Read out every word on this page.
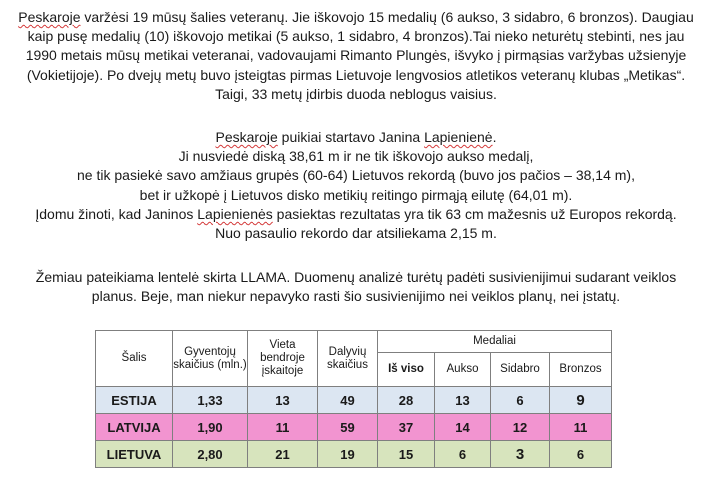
Peskaroje varžėsi 19 mūsų šalies veteranų. Jie iškovojo 15 medalių (6 aukso, 3 sidabro, 6 bronzos). Daugiau
kaip pusę medalių (10) iškovojo metikai (5 aukso, 1 sidabro, 4 bronzos).Tai nieko neturėtų stebinti, nes jau
1990 metais mūsų metikai veteranai, vadovaujami Rimanto Plungės, išvyko į pirmąsias varžybas užsienyje
(Vokietijoje). Po dvejų metų buvo įsteigtas pirmas Lietuvoje lengvosios atletikos veteranų klubas „Metikas“.
Taigi, 33 metų įdirbis duoda neblogus vaisius.
Peskaroje puikiai startavo Janina Lapienienė.
Ji nusviedė diską 38,61 m ir ne tik iškovojo aukso medalį,
ne tik pasiekė savo amžiaus grupės (60-64) Lietuvos rekordą (buvo jos pačios – 38,14 m),
bet ir užkopė į Lietuvos disko metikių reitingo pirmąją eilutę (64,01 m).
Įdomu žinoti, kad Janinos Lapienienės pasiektas rezultatas yra tik 63 cm mažesnis už Europos rekordą.
Nuo pasaulio rekordo dar atsiliekama 2,15 m.
Žemiau pateikiama lentelė skirta LLAMA. Duomenų analizė turėtų padėti susivienijimui sudarant veiklos
planus. Beje, man niekur nepavyko rasti šio susivienijimo nei veiklos planų, nei įstatų.
Šalis	Gyventojų skaičius (mln.)	Vieta bendroje įskaitoje	Dalyvių skaičius	Medaliai			
				Iš viso	Aukso	Sidabro	Bronzos
ESTIJA	1,33	13	49	28	13	6	9
LATVIJA	1,90	11	59	37	14	12	11
LIETUVA	2,80	21	19	15	6	3	6
